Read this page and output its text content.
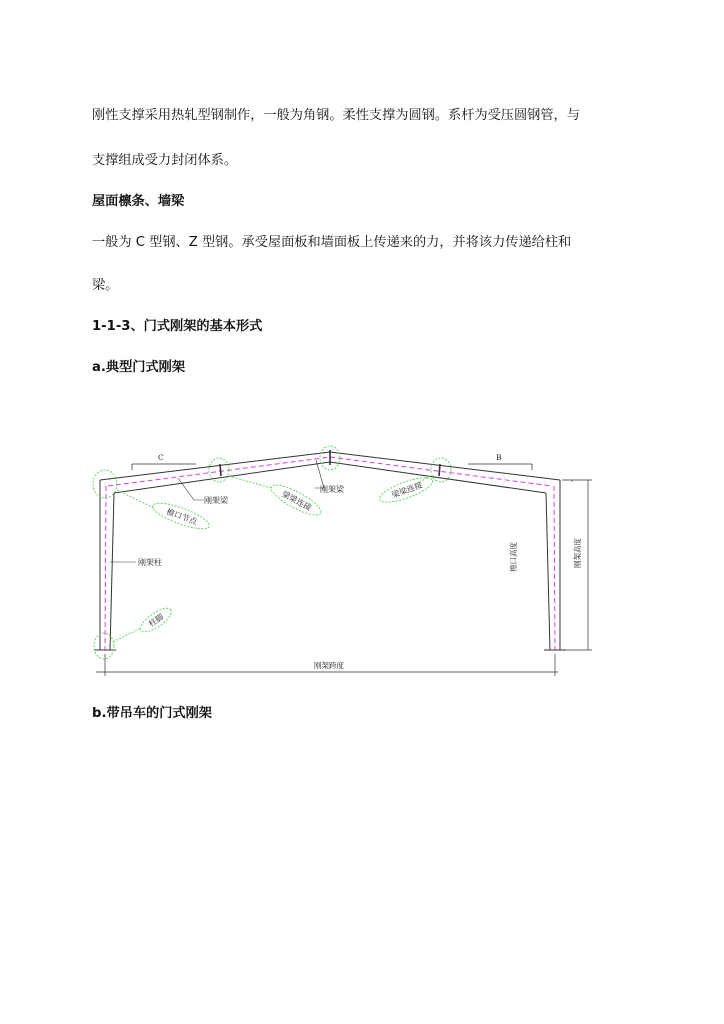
刚性支撑采用热轧型钢制作，一般为角钢。柔性支撑为圆钢。系杆为受压圆钢管，与
支撑组成受力封闭体系。
屋面檩条、墙梁
一般为 C 型钢、Z 型钢。承受屋面板和墙面板上传递来的力，并将该力传递给柱和
梁。
1-1-3、门式刚架的基本形式
a.典型门式刚架
C	B
檐口节点
梁梁连接	梁梁连接
柱脚
刚架梁
刚架梁
刚架柱
刚架跨度
刚架高度
檐口高度
b.带吊车的门式刚架
